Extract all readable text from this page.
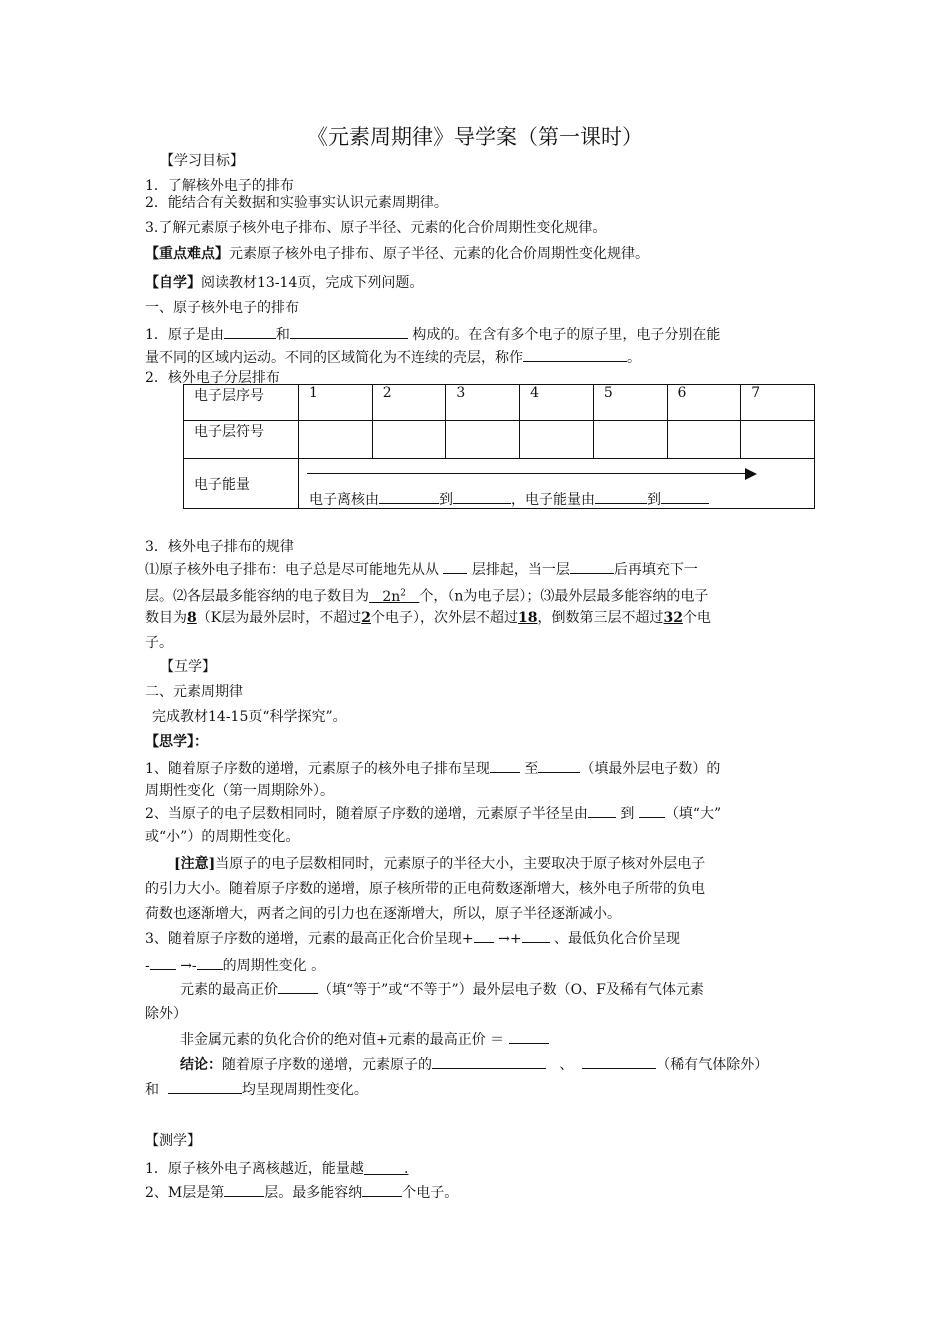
《元素周期律》导学案（第一课时）
【学习目标】
1．了解核外电子的排布
2．能结合有关数据和实验事实认识元素周期律。
3.了解元素原子核外电子排布、原子半径、元素的化合价周期性变化规律。
【重点难点】元素原子核外电子排布、原子半径、元素的化合价周期性变化规律。
【自学】阅读教材13-14页，完成下列问题。
一、原子核外电子的排布
1．原子是由	和	构成的。在含有多个电子的原子里，电子分别在能
量不同的区域内运动。不同的区域简化为不连续的壳层，称作	。
2．核外电子分层排布
电子层序号	1	2	3	4	5	6	7
电子层符号							
电子能量	电子离核由 到 ，电子能量由 到						
3．核外电子排布的规律
⑴原子核外电子排布：电子总是尽可能地先从从 层排起，当一层	后再填充下一
层。⑵各层最多能容纳的电子数目为 $2n^2$ 个，（n为电子层）；⑶最外层最多能容纳的电子
数目为8（K层为最外层时，不超过2个电子），次外层不超过18，倒数第三层不超过32个电
子。
【互学】
二、元素周期律
完成教材14-15页“科学探究”。
【思学】：
1、随着原子序数的递增，元素原子的核外电子排布呈现 至	（填最外层电子数）的
周期性变化（第一周期除外）。
2、当原子的电子层数相同时，随着原子序数的递增，元素原子半径呈由 到 （填“大”
或“小”）的周期性变化。
[注意]当原子的电子层数相同时，元素原子的半径大小，主要取决于原子核对外层电子
的引力大小。随着原子序数的递增，原子核所带的正电荷数逐渐增大，核外电子所带的负电
荷数也逐渐增大，两者之间的引力也在逐渐增大，所以，原子半径逐渐减小。
3、随着原子序数的递增，元素的最高正化合价呈现+ →+ 、最低负化合价呈现
- →- 的周期性变化 。
元素的最高正价	（填“等于”或“不等于”）最外层电子数（O、F及稀有气体元素
除外）
非金属元素的负化合价的绝对值+元素的最高正价 ＝
结论：随着原子序数的递增，元素原子的	、	（稀有气体除外）
和	均呈现周期性变化。
【测学】
1．原子核外电子离核越近，能量越	.
2、M层是第	层。最多能容纳	个电子。
